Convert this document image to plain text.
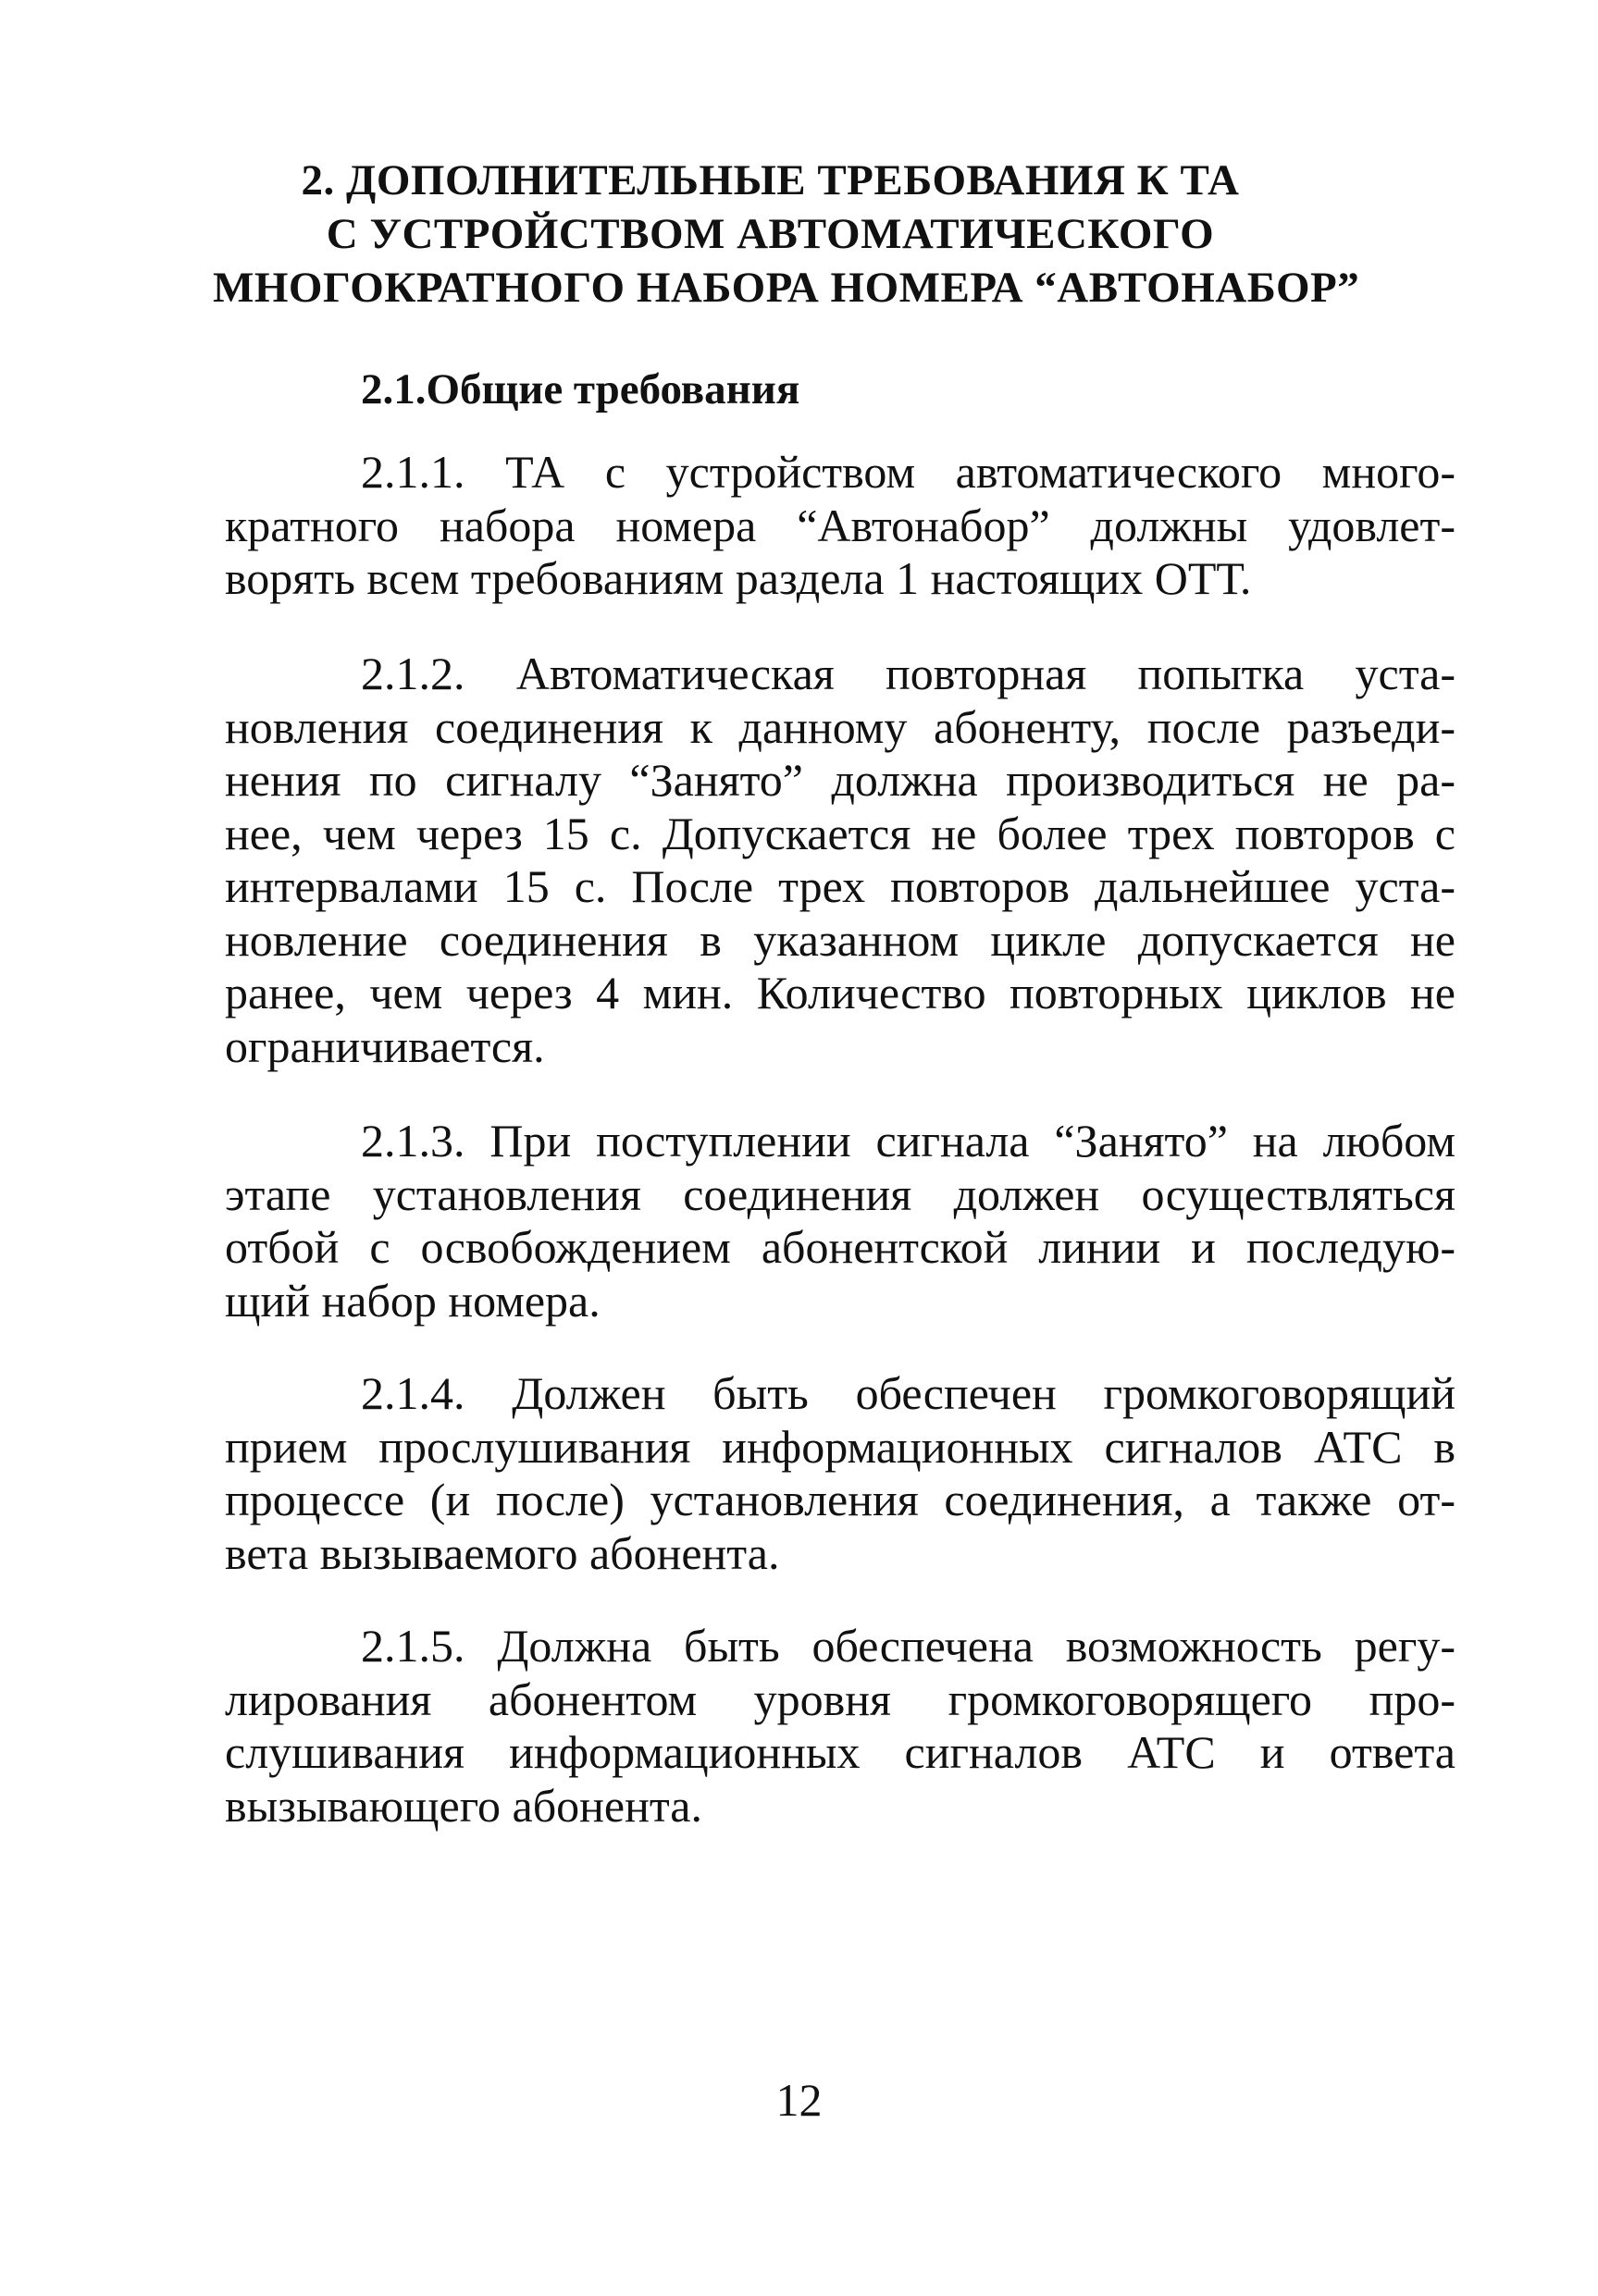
2. ДОПОЛНИТЕЛЬНЫЕ ТРЕБОВАНИЯ К ТА
С УСТРОЙСТВОМ АВТОМАТИЧЕСКОГО
МНОГОКРАТНОГО НАБОРА НОМЕРА “АВТОНАБОР”
2.1.Общие требования
2.1.1. ТА с устройством автоматического много-
кратного набора номера “Автонабор” должны удовлет-
ворять всем требованиям раздела 1 настоящих ОТТ.
2.1.2. Автоматическая повторная попытка уста-
новления соединения к данному абоненту, после разъеди-
нения по сигналу “Занято” должна производиться не ра-
нее, чем через 15 с. Допускается не более трех повторов с
интервалами 15 с. После трех повторов дальнейшее уста-
новление соединения в указанном цикле допускается не
ранее, чем через 4 мин. Количество повторных циклов не
ограничивается.
2.1.3. При поступлении сигнала “Занято” на любом
этапе установления соединения должен осуществляться
отбой с освобождением абонентской линии и последую-
щий набор номера.
2.1.4. Должен быть обеспечен громкоговорящий
прием прослушивания информационных сигналов АТС в
процессе (и после) установления соединения, а также от-
вета вызываемого абонента.
2.1.5. Должна быть обеспечена возможность регу-
лирования абонентом уровня громкоговорящего про-
слушивания информационных сигналов АТС и ответа
вызывающего абонента.
12
